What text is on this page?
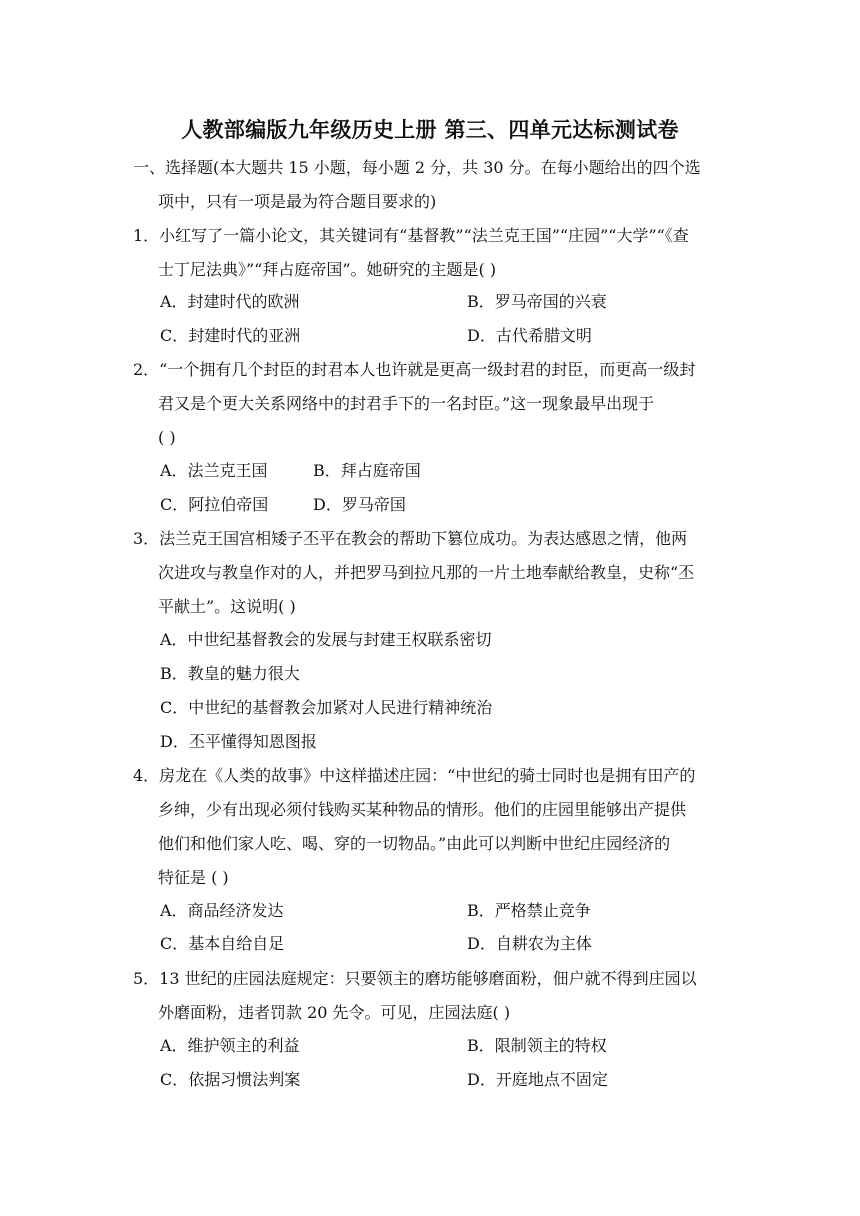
人教部编版九年级历史上册 第三、四单元达标测试卷
一、选择题(本大题共 15 小题，每小题 2 分，共 30 分。在每小题给出的四个选
项中，只有一项是最为符合题目要求的)
1．小红写了一篇小论文，其关键词有“基督教”“法兰克王国”“庄园”“大学”“《查
士丁尼法典》”“拜占庭帝国”。她研究的主题是( )
A．封建时代的欧洲	B．罗马帝国的兴衰
C．封建时代的亚洲	D．古代希腊文明
2．“一个拥有几个封臣的封君本人也许就是更高一级封君的封臣，而更高一级封
君又是个更大关系网络中的封君手下的一名封臣。”这一现象最早出现于
( )
A．法兰克王国	B．拜占庭帝国
C．阿拉伯帝国	D．罗马帝国
3．法兰克王国宫相矮子丕平在教会的帮助下篡位成功。为表达感恩之情，他两
次进攻与教皇作对的人，并把罗马到拉凡那的一片土地奉献给教皇，史称“丕
平献土”。这说明( )
A．中世纪基督教会的发展与封建王权联系密切
B．教皇的魅力很大
C．中世纪的基督教会加紧对人民进行精神统治
D．丕平懂得知恩图报
4．房龙在《人类的故事》中这样描述庄园：“中世纪的骑士同时也是拥有田产的
乡绅，少有出现必须付钱购买某种物品的情形。他们的庄园里能够出产提供
他们和他们家人吃、喝、穿的一切物品。”由此可以判断中世纪庄园经济的
特征是 ( )
A．商品经济发达	B．严格禁止竞争
C．基本自给自足	D．自耕农为主体
5．13 世纪的庄园法庭规定：只要领主的磨坊能够磨面粉，佃户就不得到庄园以
外磨面粉，违者罚款 20 先令。可见，庄园法庭( )
A．维护领主的利益	B．限制领主的特权
C．依据习惯法判案	D．开庭地点不固定
